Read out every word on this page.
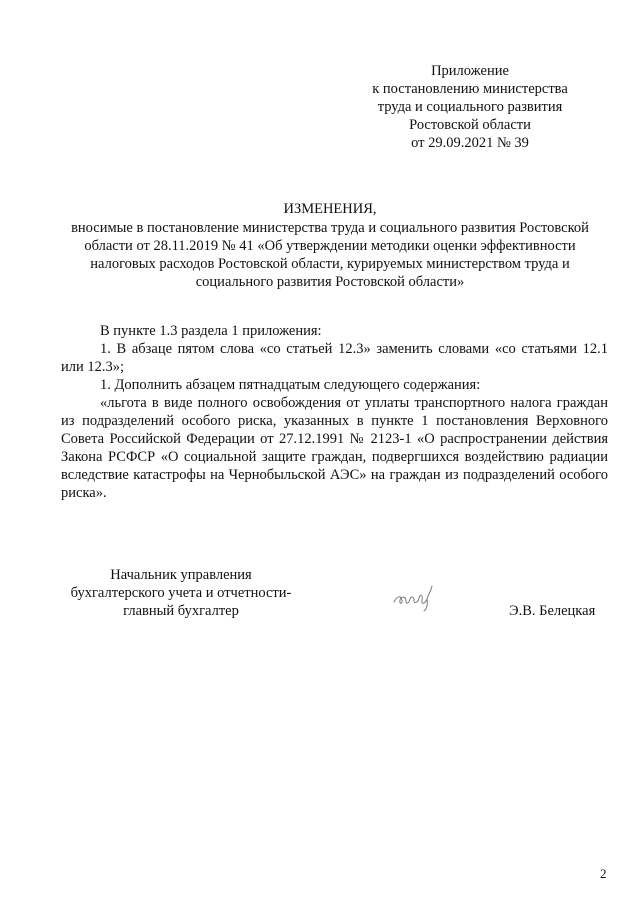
Приложение
к постановлению министерства
труда и социального развития
Ростовской области
от 29.09.2021 № 39
ИЗМЕНЕНИЯ,
вносимые в постановление министерства труда и социального развития Ростовской
области от 28.11.2019 № 41 «Об утверждении методики оценки эффективности
налоговых расходов Ростовской области, курируемых министерством труда и
социального развития Ростовской области»

В пункте 1.3 раздела 1 приложения:

1. В абзаце пятом слова «со статьей 12.3» заменить словами «со статьями 12.1 или 12.3»;

1. Дополнить абзацем пятнадцатым следующего содержания:

«льгота в виде полного освобождения от уплаты транспортного налога граждан из подразделений особого риска, указанных в пункте 1 постановления Верховного Совета Российской Федерации от 27.12.1991 № 2123-1 «О распространении действия Закона РСФСР «О социальной защите граждан, подвергшихся воздействию радиации вследствие катастрофы на Чернобыльской АЭС» на граждан из подразделений особого риска».

Начальник управления
бухгалтерского учета и отчетности-
главный бухгалтер	Э.В. Белецкая
2
